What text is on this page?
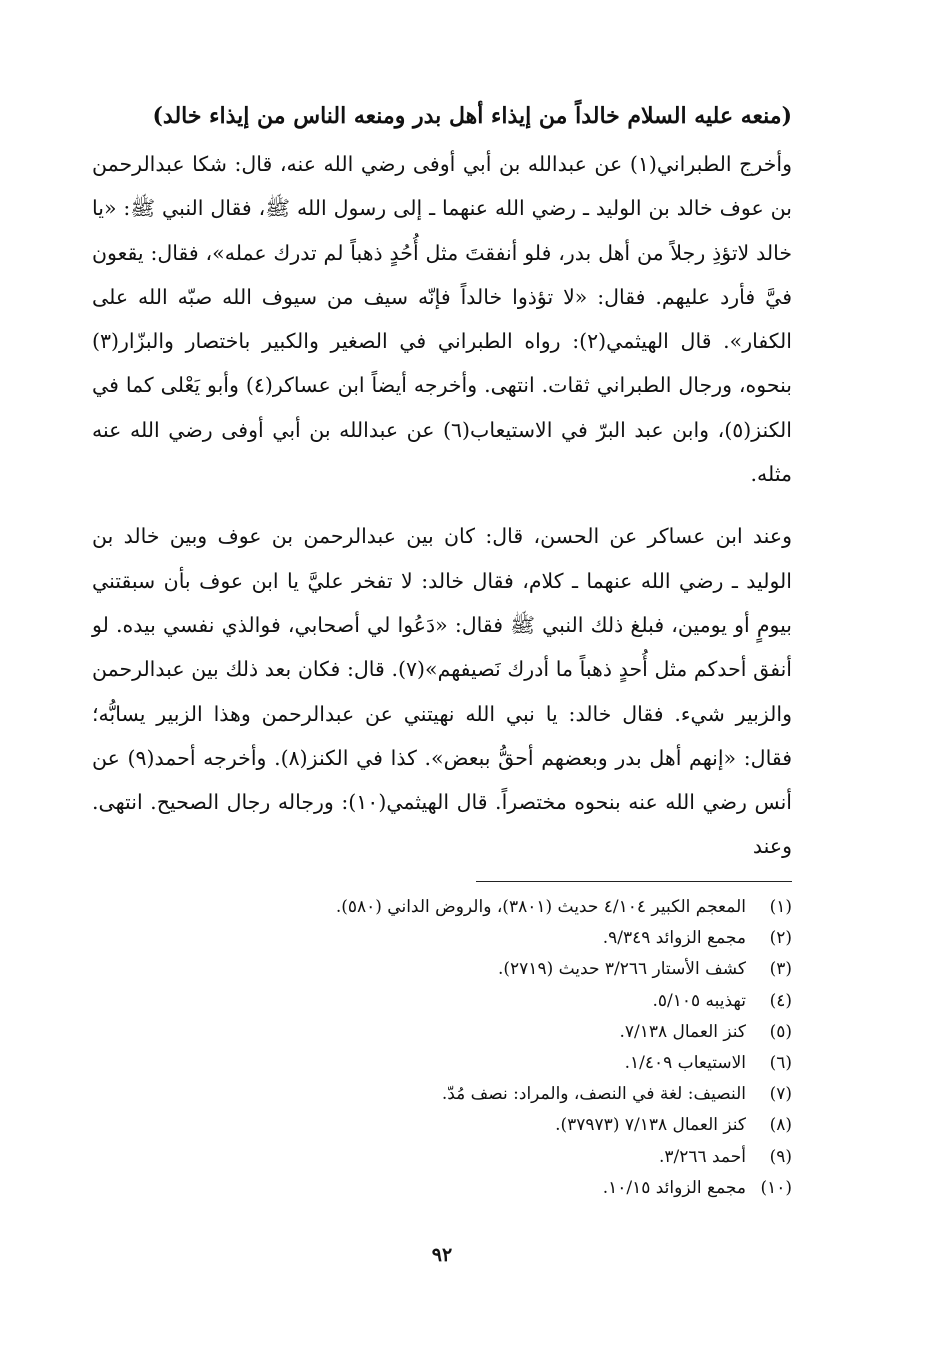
(منعه عليه السلام خالداً من إيذاء أهل بدر ومنعه الناس من إيذاء خالد)

وأخرج الطبراني(١) عن عبدالله بن أبي أوفى رضي الله عنه، قال: شكا عبدالرحمن بن عوف خالد بن الوليد ـ رضي الله عنهما ـ إلى رسول الله ﷺ، فقال النبي ﷺ: «يا خالد لاتؤذِ رجلاً من أهل بدر، فلو أنفقتَ مثل أُحُدٍ ذهباً لم تدرك عمله»، فقال: يقعون فيَّ فأرد عليهم. فقال: «لا تؤذوا خالداً فإنّه سيف من سيوف الله صبّه الله على الكفار». قال الهيثمي(٢): رواه الطبراني في الصغير والكبير باختصار والبزّار(٣) بنحوه، ورجال الطبراني ثقات. انتهى. وأخرجه أيضاً ابن عساكر(٤) وأبو يَعْلى كما في الكنز(٥)، وابن عبد البرّ في الاستيعاب(٦) عن عبدالله بن أبي أوفى رضي الله عنه مثله.

وعند ابن عساكر عن الحسن، قال: كان بين عبدالرحمن بن عوف وبين خالد بن الوليد ـ رضي الله عنهما ـ كلام، فقال خالد: لا تفخر عليَّ يا ابن عوف بأن سبقتني بيومٍ أو يومين، فبلغ ذلك النبي ﷺ فقال: «دَعُوا لي أصحابي، فوالذي نفسي بيده. لو أنفق أحدكم مثل أُحدٍ ذهباً ما أدرك نَصيفهم»(٧). قال: فكان بعد ذلك بين عبدالرحمن والزبير شيء. فقال خالد: يا نبي الله نهيتني عن عبدالرحمن وهذا الزبير يسابُّه؛ فقال: «إنهم أهل بدر وبعضهم أحقُّ ببعض». كذا في الكنز(٨). وأخرجه أحمد(٩) عن أنس رضي الله عنه بنحوه مختصراً. قال الهيثمي(١٠): ورجاله رجال الصحيح. انتهى. وعند

(١)المعجم الكبير ٤/١٠٤ حديث (٣٨٠١)، والروض الداني (٥٨٠).
(٢)مجمع الزوائد ٩/٣٤٩.
(٣)كشف الأستار ٣/٢٦٦ حديث (٢٧١٩).
(٤)تهذيبه ٥/١٠٥.
(٥)كنز العمال ٧/١٣٨.
(٦)الاستيعاب ١/٤٠٩.
(٧)النصيف: لغة في النصف، والمراد: نصف مُدّ.
(٨)كنز العمال ٧/١٣٨ (٣٧٩٧٣).
(٩)أحمد ٣/٢٦٦.
(١٠)مجمع الزوائد ١٠/١٥.
٩٢
